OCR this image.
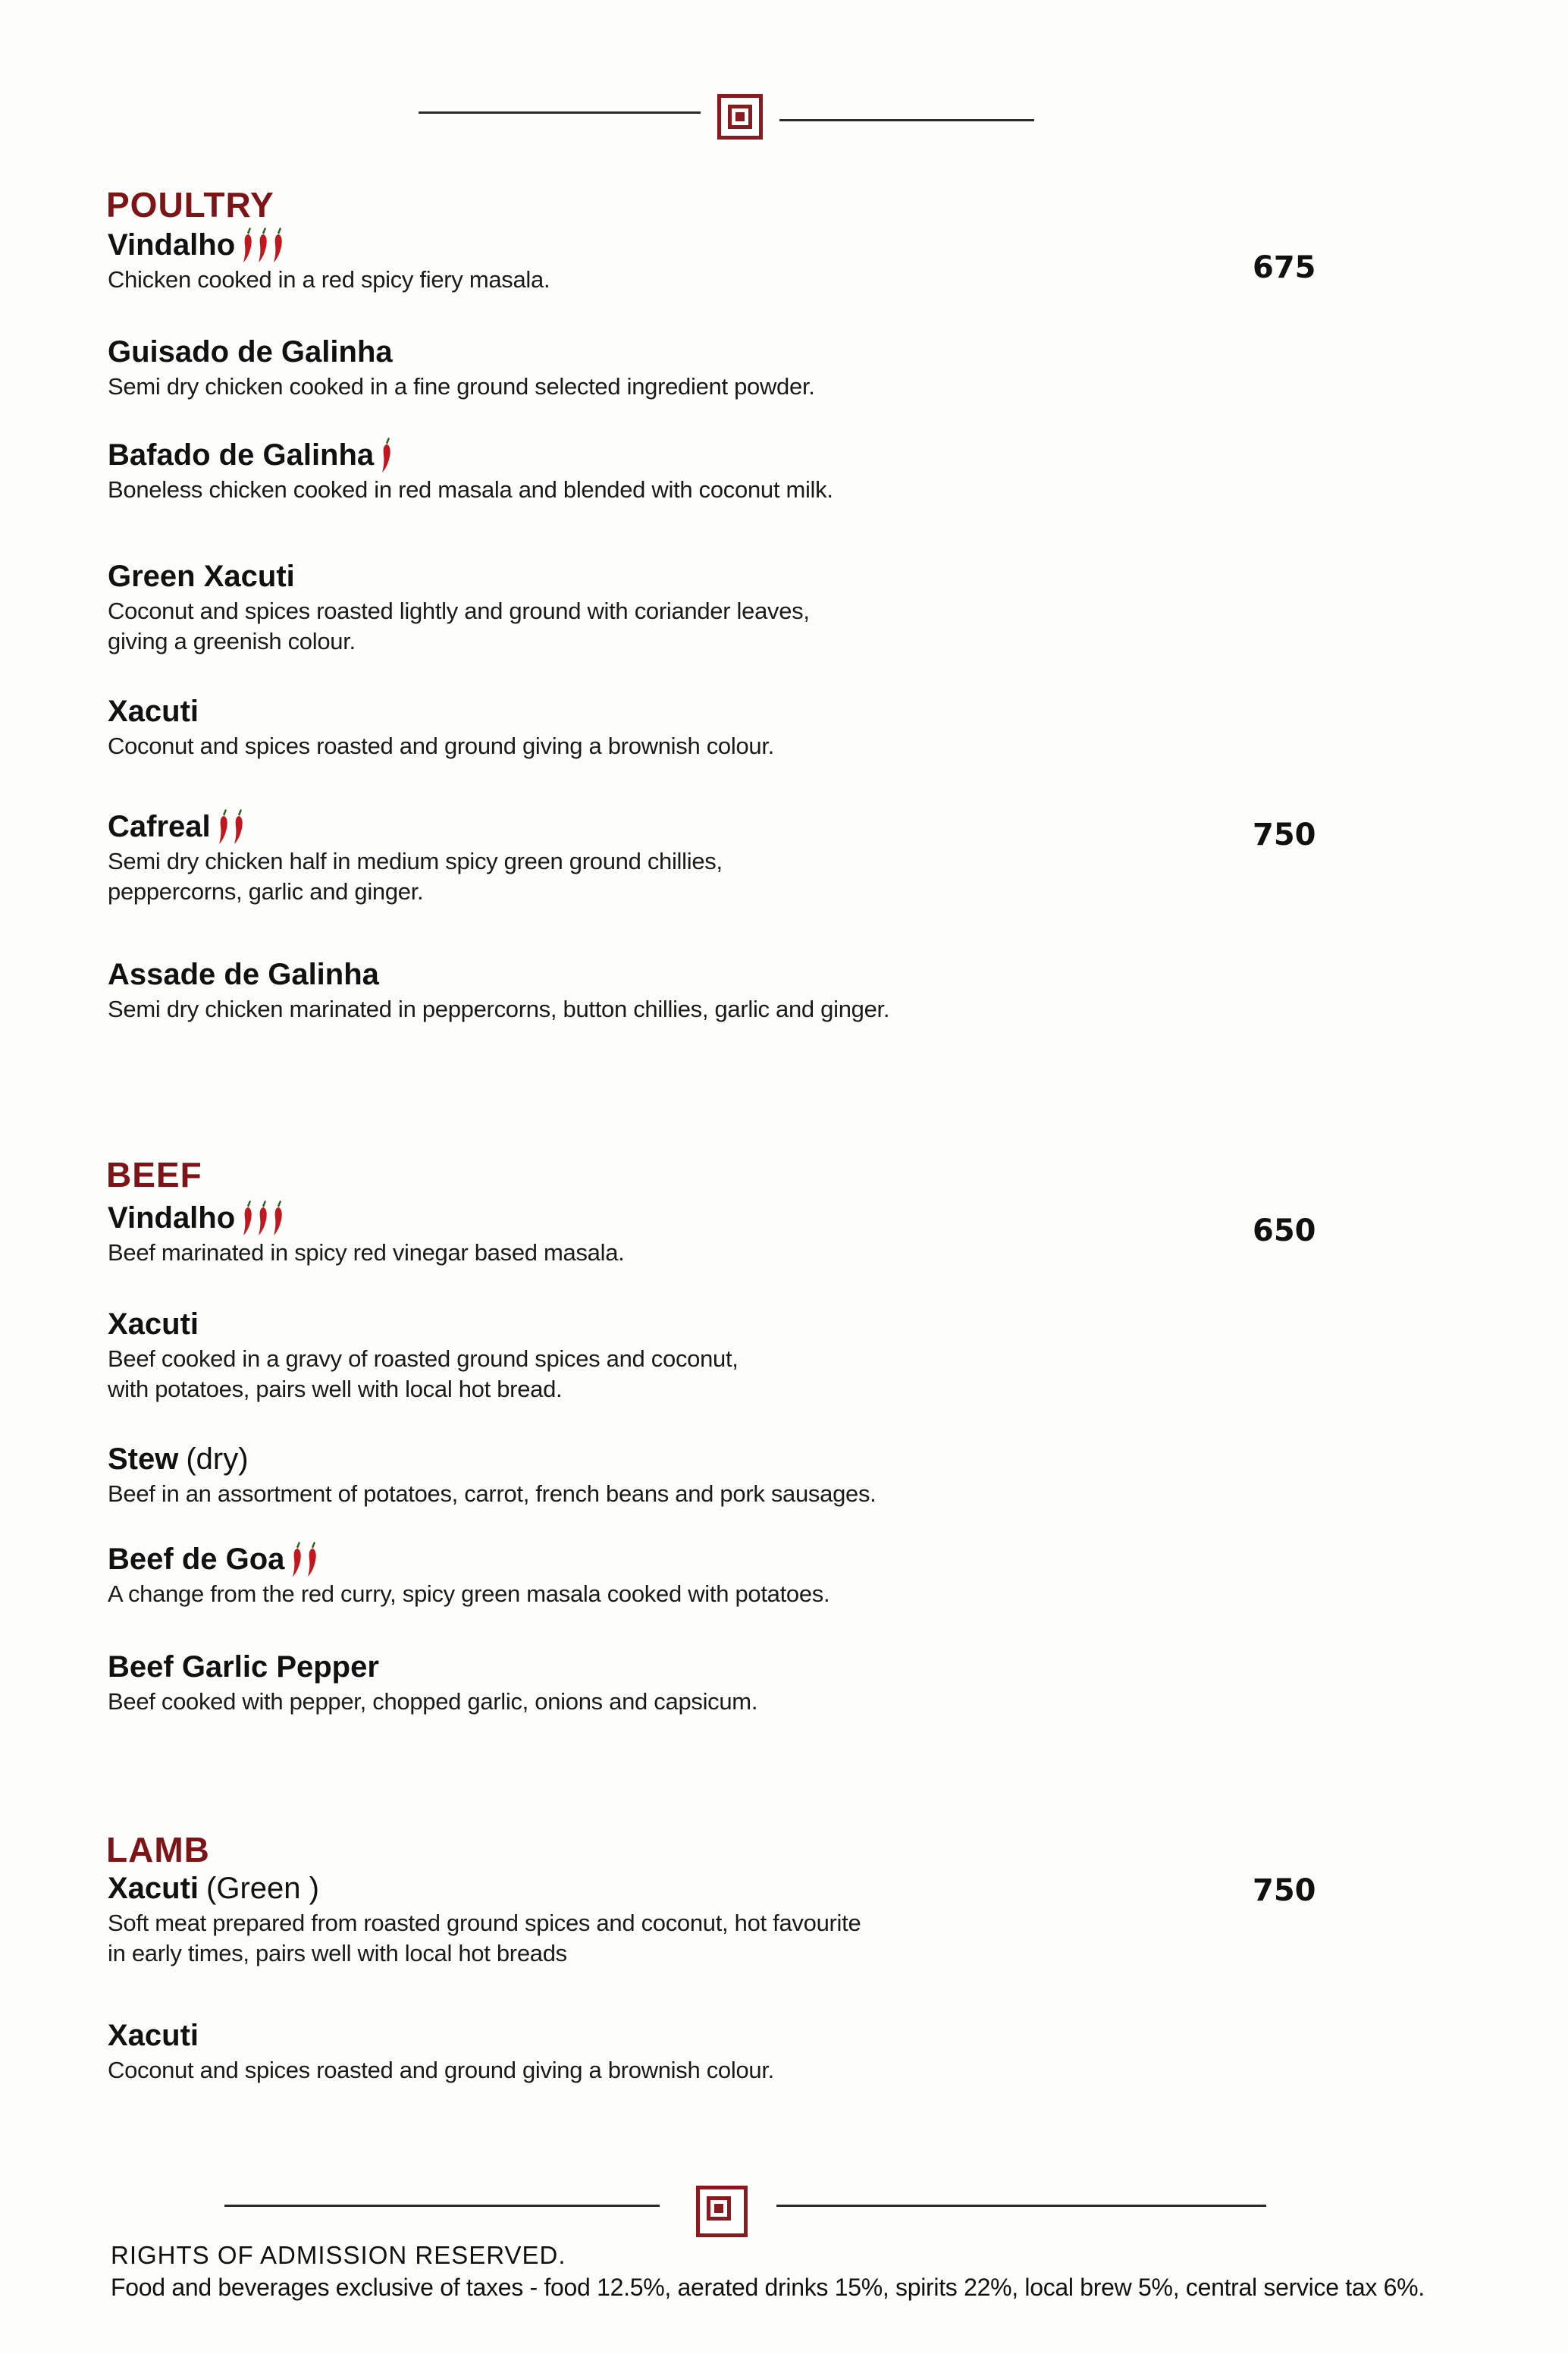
POULTRY
Vindalho
Chicken cooked in a red spicy fiery masala.	675
Guisado de Galinha
Semi dry chicken cooked in a fine ground selected ingredient powder.
Bafado de Galinha
Boneless chicken cooked in red masala and blended with coconut milk.
Green Xacuti
Coconut and spices roasted lightly and ground with coriander leaves,
giving a greenish colour.
Xacuti
Coconut and spices roasted and ground giving a brownish colour.
Cafreal
Semi dry chicken half in medium spicy green ground chillies,
peppercorns, garlic and ginger.
750
Assade de Galinha
Semi dry chicken marinated in peppercorns, button chillies, garlic and ginger.
BEEF
Vindalho
Beef marinated in spicy red vinegar based masala.
650
Xacuti
Beef cooked in a gravy of roasted ground spices and coconut,
with potatoes, pairs well with local hot bread.
Stew (dry)
Beef in an assortment of potatoes, carrot, french beans and pork sausages.
Beef de Goa
A change from the red curry, spicy green masala cooked with potatoes.
Beef Garlic Pepper
Beef cooked with pepper, chopped garlic, onions and capsicum.
LAMB
Xacuti (Green )
Soft meat prepared from roasted ground spices and coconut, hot favourite
in early times, pairs well with local hot breads
750
Xacuti
Coconut and spices roasted and ground giving a brownish colour.
RIGHTS OF ADMISSION RESERVED.
Food and beverages exclusive of taxes - food 12.5%, aerated drinks 15%, spirits 22%, local brew 5%, central service tax 6%.
